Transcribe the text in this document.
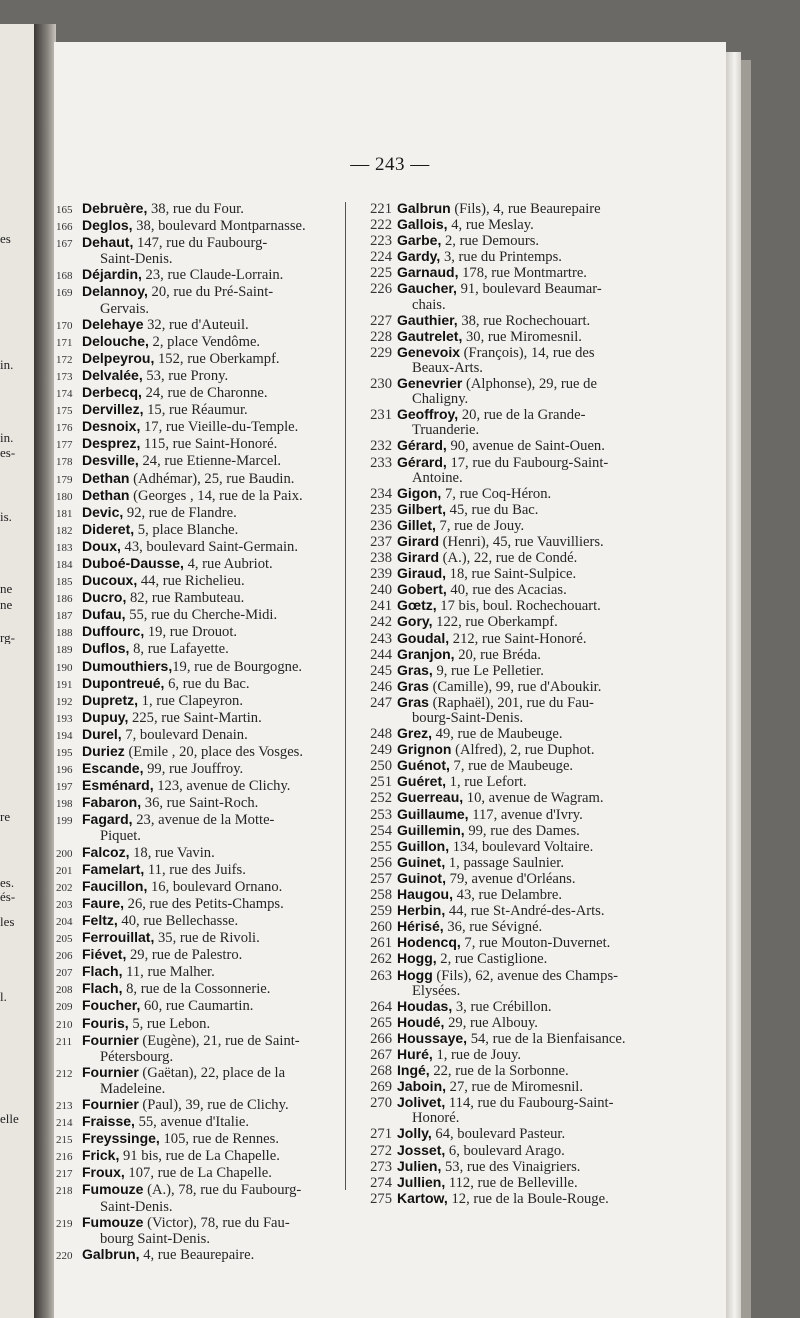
es
in.
in.
es-
is.
ne
ne
rg-
re
es.
és-
les
l.
elle
— 243 —
165 Debruère, 38, rue du Four.
166 Deglos, 38, boulevard Montparnasse.
167 Dehaut, 147, rue du Faubourg-
Saint-Denis.
168 Déjardin, 23, rue Claude-Lorrain.
169 Delannoy, 20, rue du Pré-Saint-
Gervais.
170 Delehaye 32, rue d'Auteuil.
171 Delouche, 2, place Vendôme.
172 Delpeyrou, 152, rue Oberkampf.
173 Delvalée, 53, rue Prony.
174 Derbecq, 24, rue de Charonne.
175 Dervillez, 15, rue Réaumur.
176 Desnoix, 17, rue Vieille-du-Temple.
177 Desprez, 115, rue Saint-Honoré.
178 Desville, 24, rue Etienne-Marcel.
179 Dethan (Adhémar), 25, rue Baudin.
180 Dethan (Georges , 14, rue de la Paix.
181 Devic, 92, rue de Flandre.
182 Dideret, 5, place Blanche.
183 Doux, 43, boulevard Saint-Germain.
184 Duboé-Dausse, 4, rue Aubriot.
185 Ducoux, 44, rue Richelieu.
186 Ducro, 82, rue Rambuteau.
187 Dufau, 55, rue du Cherche-Midi.
188 Duffourc, 19, rue Drouot.
189 Duflos, 8, rue Lafayette.
190 Dumouthiers,19, rue de Bourgogne.
191 Dupontreué, 6, rue du Bac.
192 Dupretz, 1, rue Clapeyron.
193 Dupuy, 225, rue Saint-Martin.
194 Durel, 7, boulevard Denain.
195 Duriez (Emile , 20, place des Vosges.
196 Escande, 99, rue Jouffroy.
197 Esménard, 123, avenue de Clichy.
198 Fabaron, 36, rue Saint-Roch.
199 Fagard, 23, avenue de la Motte-
Piquet.
200 Falcoz, 18, rue Vavin.
201 Famelart, 11, rue des Juifs.
202 Faucillon, 16, boulevard Ornano.
203 Faure, 26, rue des Petits-Champs.
204 Feltz, 40, rue Bellechasse.
205 Ferrouillat, 35, rue de Rivoli.
206 Fiévet, 29, rue de Palestro.
207 Flach, 11, rue Malher.
208 Flach, 8, rue de la Cossonnerie.
209 Foucher, 60, rue Caumartin.
210 Fouris, 5, rue Lebon.
211 Fournier (Eugène), 21, rue de Saint-
Pétersbourg.
212 Fournier (Gaëtan), 22, place de la
Madeleine.
213 Fournier (Paul), 39, rue de Clichy.
214 Fraisse, 55, avenue d'Italie.
215 Freyssinge, 105, rue de Rennes.
216 Frick, 91 bis, rue de La Chapelle.
217 Froux, 107, rue de La Chapelle.
218 Fumouze (A.), 78, rue du Faubourg-
Saint-Denis.
219 Fumouze (Victor), 78, rue du Fau-
bourg Saint-Denis.
220 Galbrun, 4, rue Beaurepaire.
221 Galbrun (Fils), 4, rue Beaurepaire
222 Gallois, 4, rue Meslay.
223 Garbe, 2, rue Demours.
224 Gardy, 3, rue du Printemps.
225 Garnaud, 178, rue Montmartre.
226 Gaucher, 91, boulevard Beaumar-
chais.
227 Gauthier, 38, rue Rochechouart.
228 Gautrelet, 30, rue Miromesnil.
229 Genevoix (François), 14, rue des
Beaux-Arts.
230 Genevrier (Alphonse), 29, rue de
Chaligny.
231 Geoffroy, 20, rue de la Grande-
Truanderie.
232 Gérard, 90, avenue de Saint-Ouen.
233 Gérard, 17, rue du Faubourg-Saint-
Antoine.
234 Gigon, 7, rue Coq-Héron.
235 Gilbert, 45, rue du Bac.
236 Gillet, 7, rue de Jouy.
237 Girard (Henri), 45, rue Vauvilliers.
238 Girard (A.), 22, rue de Condé.
239 Giraud, 18, rue Saint-Sulpice.
240 Gobert, 40, rue des Acacias.
241 Gœtz, 17 bis, boul. Rochechouart.
242 Gory, 122, rue Oberkampf.
243 Goudal, 212, rue Saint-Honoré.
244 Granjon, 20, rue Bréda.
245 Gras, 9, rue Le Pelletier.
246 Gras (Camille), 99, rue d'Aboukir.
247 Gras (Raphaël), 201, rue du Fau-
bourg-Saint-Denis.
248 Grez, 49, rue de Maubeuge.
249 Grignon (Alfred), 2, rue Duphot.
250 Guénot, 7, rue de Maubeuge.
251 Guéret, 1, rue Lefort.
252 Guerreau, 10, avenue de Wagram.
253 Guillaume, 117, avenue d'Ivry.
254 Guillemin, 99, rue des Dames.
255 Guillon, 134, boulevard Voltaire.
256 Guinet, 1, passage Saulnier.
257 Guinot, 79, avenue d'Orléans.
258 Haugou, 43, rue Delambre.
259 Herbin, 44, rue St-André-des-Arts.
260 Hérisé, 36, rue Sévigné.
261 Hodencq, 7, rue Mouton-Duvernet.
262 Hogg, 2, rue Castiglione.
263 Hogg (Fils), 62, avenue des Champs-
Elysées.
264 Houdas, 3, rue Crébillon.
265 Houdé, 29, rue Albouy.
266 Houssaye, 54, rue de la Bienfaisance.
267 Huré, 1, rue de Jouy.
268 Ingé, 22, rue de la Sorbonne.
269 Jaboin, 27, rue de Miromesnil.
270 Jolivet, 114, rue du Faubourg-Saint-
Honoré.
271 Jolly, 64, boulevard Pasteur.
272 Josset, 6, boulevard Arago.
273 Julien, 53, rue des Vinaigriers.
274 Jullien, 112, rue de Belleville.
275 Kartow, 12, rue de la Boule-Rouge.
